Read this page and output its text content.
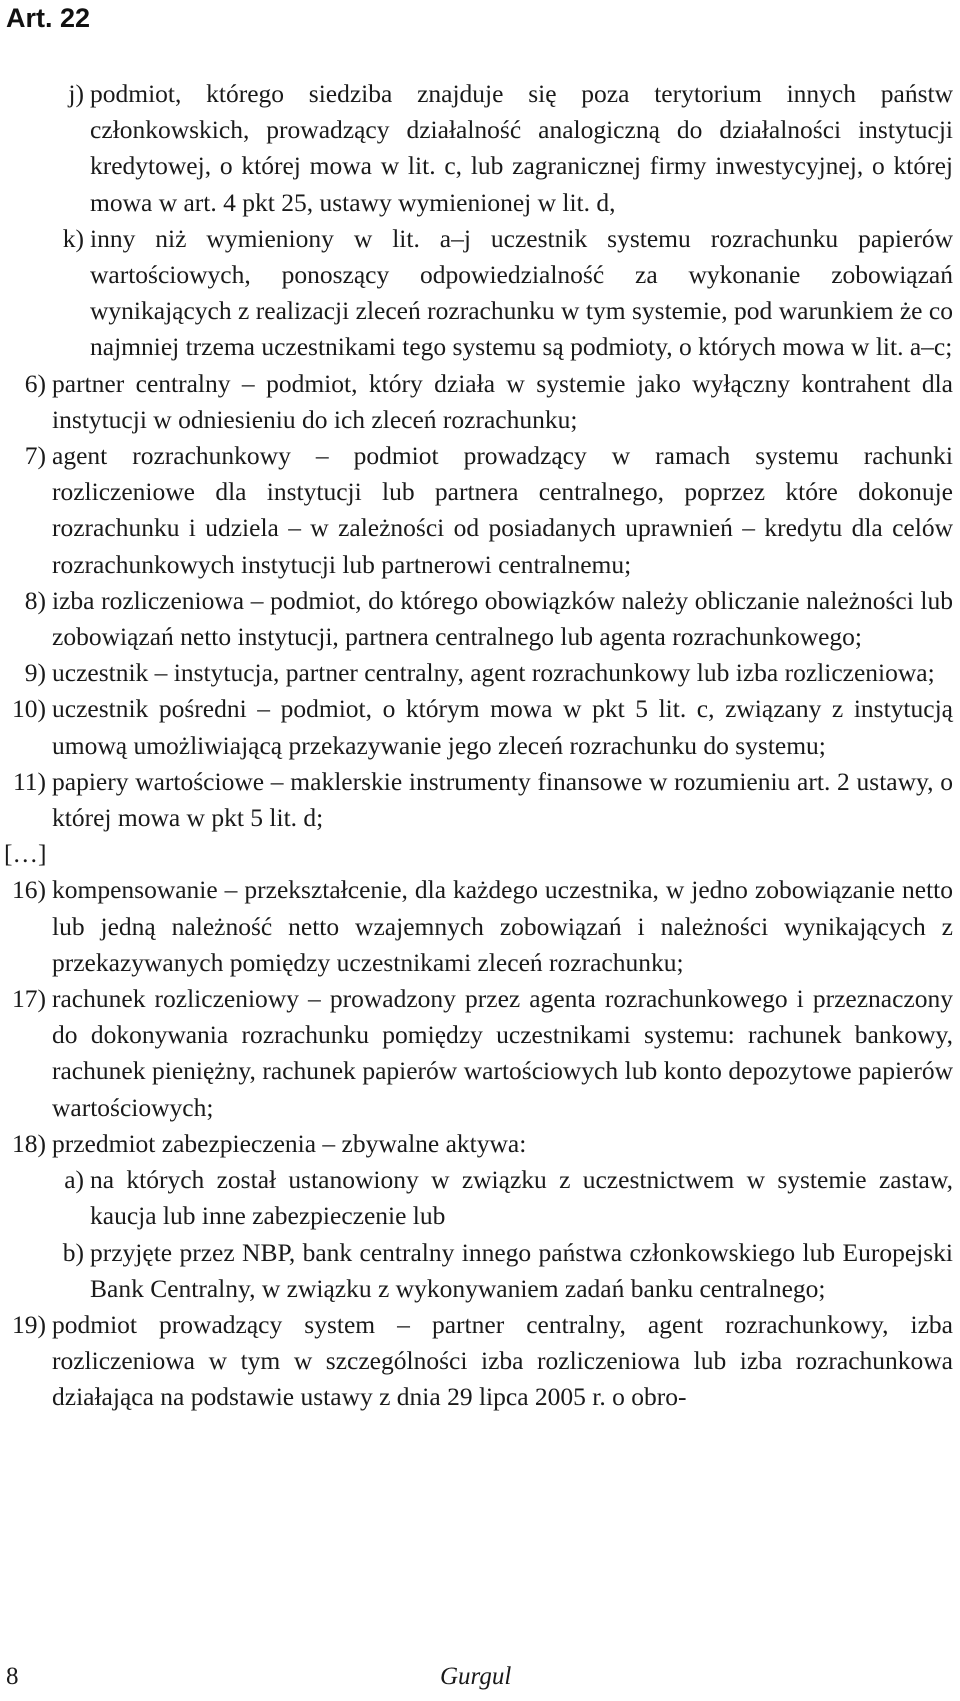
Art. 22

j) podmiot, którego siedziba znajduje się poza terytorium innych państw członkowskich, prowadzący działalność analogiczną do działalności instytucji kredytowej, o której mowa w lit. c, lub zagranicznej firmy inwestycyjnej, o której mowa w art. 4 pkt 25, ustawy wymienionej w lit. d,

k) inny niż wymieniony w lit. a–j uczestnik systemu rozrachunku papierów wartościowych, ponoszący odpowiedzialność za wykonanie zobowiązań wynikających z realizacji zleceń rozrachunku w tym systemie, pod warunkiem że co najmniej trzema uczestnikami tego systemu są podmioty, o których mowa w lit. a–c;

6) partner centralny – podmiot, który działa w systemie jako wyłączny kontrahent dla instytucji w odniesieniu do ich zleceń rozrachunku;

7) agent rozrachunkowy – podmiot prowadzący w ramach systemu rachunki rozliczeniowe dla instytucji lub partnera centralnego, poprzez które dokonuje rozrachunku i udziela – w zależności od posiadanych uprawnień – kredytu dla celów rozrachunkowych instytucji lub partnerowi centralnemu;

8) izba rozliczeniowa – podmiot, do którego obowiązków należy obliczanie należności lub zobowiązań netto instytucji, partnera centralnego lub agenta rozrachunkowego;

9) uczestnik – instytucja, partner centralny, agent rozrachunkowy lub izba rozliczeniowa;

10) uczestnik pośredni – podmiot, o którym mowa w pkt 5 lit. c, związany z instytucją umową umożliwiającą przekazywanie jego zleceń rozrachunku do systemu;

11) papiery wartościowe – maklerskie instrumenty finansowe w rozumieniu art. 2 ustawy, o której mowa w pkt 5 lit. d;

[…]

16) kompensowanie – przekształcenie, dla każdego uczestnika, w jedno zobowiązanie netto lub jedną należność netto wzajemnych zobowiązań i należności wynikających z przekazywanych pomiędzy uczestnikami zleceń rozrachunku;

17) rachunek rozliczeniowy – prowadzony przez agenta rozrachunkowego i przeznaczony do dokonywania rozrachunku pomiędzy uczestnikami systemu: rachunek bankowy, rachunek pieniężny, rachunek papierów wartościowych lub konto depozytowe papierów wartościowych;

18) przedmiot zabezpieczenia – zbywalne aktywa:

a) na których został ustanowiony w związku z uczestnictwem w systemie zastaw, kaucja lub inne zabezpieczenie lub

b) przyjęte przez NBP, bank centralny innego państwa członkowskiego lub Europejski Bank Centralny, w związku z wykonywaniem zadań banku centralnego;

19) podmiot prowadzący system – partner centralny, agent rozrachunkowy, izba rozliczeniowa w tym w szczególności izba rozliczeniowa lub izba rozrachunkowa działająca na podstawie ustawy z dnia 29 lipca 2005 r. o obro-

8	Gurgul
